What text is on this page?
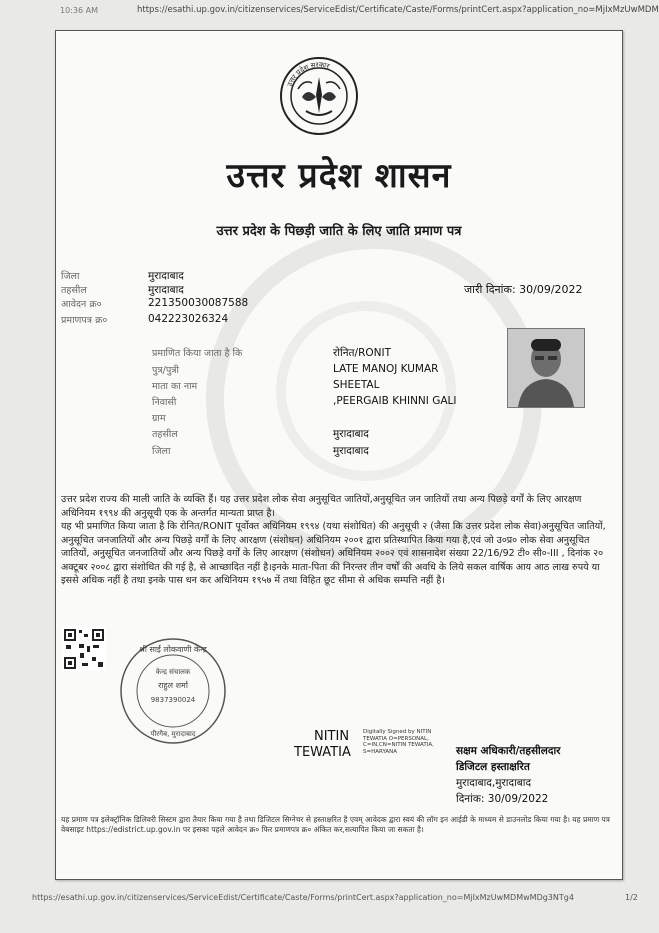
10:36 AM	https://esathi.up.gov.in/citizenservices/ServiceEdist/Certificate/Caste/Forms/printCert.aspx?application_no=MjIxMzUwMDM
उत्तर प्रदेश सरकार
उत्तर प्रदेश शासन
उत्तर प्रदेश के पिछड़ी जाति के लिए जाति प्रमाण पत्र
जिला	मुरादाबाद
तहसील	मुरादाबाद
आवेदन क्र०	221350030087588
प्रमाणपत्र क्र०	042223026324
जारी दिनांक: 30/09/2022
प्रमाणित किया जाता है कि	रोनित/RONIT
पुत्र/पुत्री	LATE MANOJ KUMAR
माता का नाम	SHEETAL
निवासी	,PEERGAIB KHINNI GALI
ग्राम
तहसील	मुरादाबाद
जिला	मुरादाबाद
उत्तर प्रदेश राज्य की माली जाति के व्यक्ति हैं। यह उत्तर प्रदेश लोक सेवा अनुसूचित जातियों,अनुसूचित जन जातियों तथा अन्य पिछड़े वर्गों के लिए आरक्षण अधिनियम १९९४ की अनुसूची एक के अन्तर्गत मान्यता प्राप्त है।
यह भी प्रमाणित किया जाता है कि रोनित/RONIT पूर्वोक्त अधिनियम १९९४ (यथा संशोधित) की अनुसूची २ (जैसा कि उत्तर प्रदेश लोक सेवा)अनुसूचित जातियों, अनुसूचित जनजातियों और अन्य पिछड़े वर्गों के लिए आरक्षण (संशोधन) अधिनियम २००१ द्वारा प्रतिस्थापित किया गया है,एवं जो उ०प्र० लोक सेवा अनुसूचित जातियों, अनुसूचित जनजातियों और अन्य पिछड़े वर्गों के लिए आरक्षण (संशोधन) अधिनियम २००२ एवं शासनादेश संख्या 22/16/92 टी० सी०-III , दिनांक २० अक्टूबर २००८ द्वारा संशोधित की गई है, से आच्छादित नहीं है।इनके माता-पिता की निरन्तर तीन वर्षों की अवधि के लिये सकल वार्षिक आय आठ लाख रुपये या इससे अधिक नहीं है तथा इनके पास धन कर अधिनियम १९५७ में तथा विहित छूट सीमा से अधिक सम्पत्ति नहीं है।
श्री साईं लोकवाणी केन्द्र
केन्द्र संचालक
राहुल शर्मा
9837390024
पीरगैब, मुरादाबाद	NITIN
TEWATIA
Digitally Signed by NITIN TEWATIA O=PERSONAL, C=IN,CN=NITIN TEWATIA, S=HARYANA	सक्षम अधिकारी/तहसीलदार
डिजिटल हस्ताक्षरित
मुरादाबाद,मुरादाबाद
दिनांक: 30/09/2022
यह प्रमाण पत्र इलेक्ट्रॉनिक डिलिवरी सिस्टम द्वारा तैयार किया गया है तथा डिजिटल सिग्नेचर से हस्ताक्षरित है एवम् आवेदक द्वारा स्वयं की लॉग इन आईडी के माध्यम से डाउनलोड किया गया है। यह प्रमाण पत्र वेबसाइट https://edistrict.up.gov.in पर इसका पहले आवेदन क्र० फिर प्रमाणपत्र क्र० अंकित कर,सत्यापित किया जा सकता है।
https://esathi.up.gov.in/citizenservices/ServiceEdist/Certificate/Caste/Forms/printCert.aspx?application_no=MjIxMzUwMDMwMDg3NTg4	1/2
